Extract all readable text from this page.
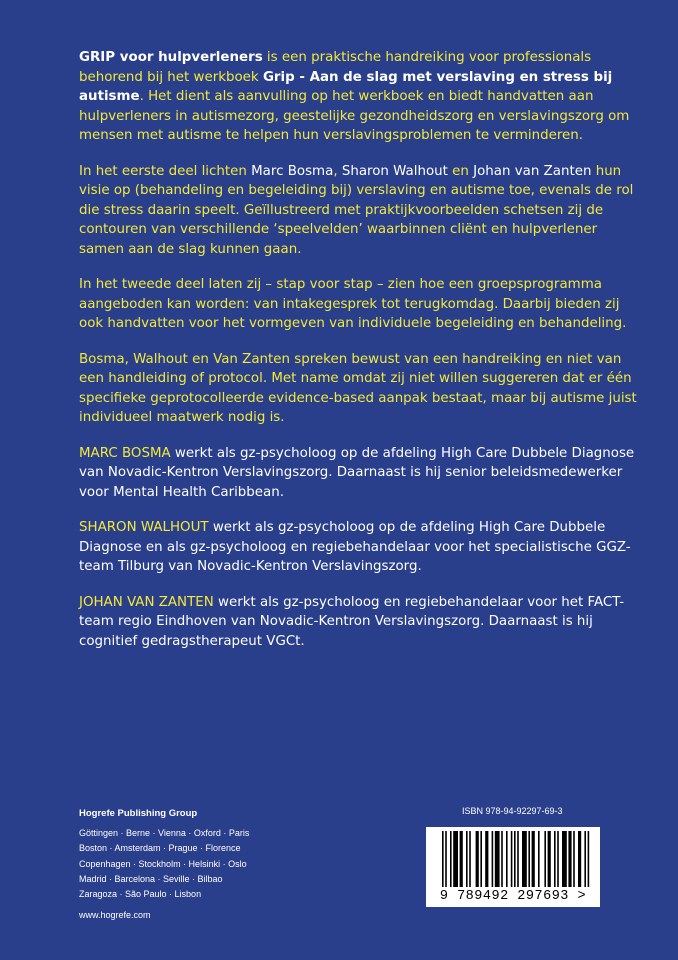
GRIP voor hulpverleners is een praktische handreiking voor professionals behorend bij het werkboek Grip - Aan de slag met verslaving en stress bij autisme. Het dient als aanvulling op het werkboek en biedt handvatten aan hulpverleners in autismezorg, geestelijke gezondheidszorg en verslavingszorg om mensen met autisme te helpen hun verslavingsproblemen te verminderen.

In het eerste deel lichten Marc Bosma, Sharon Walhout en Johan van Zanten hun visie op (behandeling en begeleiding bij) verslaving en autisme toe, evenals de rol die stress daarin speelt. Geïllustreerd met praktijkvoorbeelden schetsen zij de contouren van verschillende ‘speelvelden’ waarbinnen cliënt en hulpverlener samen aan de slag kunnen gaan.

In het tweede deel laten zij – stap voor stap – zien hoe een groepsprogramma aangeboden kan worden: van intakegesprek tot terugkomdag. Daarbij bieden zij ook handvatten voor het vormgeven van individuele begeleiding en behandeling.

Bosma, Walhout en Van Zanten spreken bewust van een handreiking en niet van een handleiding of protocol. Met name omdat zij niet willen suggereren dat er één specifieke geprotocolleerde evidence-based aanpak bestaat, maar bij autisme juist individueel maatwerk nodig is.

MARC BOSMA werkt als gz-psycholoog op de afdeling High Care Dubbele Diagnose van Novadic-Kentron Verslavingszorg. Daarnaast is hij senior beleidsmedewerker voor Mental Health Caribbean.

SHARON WALHOUT werkt als gz-psycholoog op de afdeling High Care Dubbele Diagnose en als gz-psycholoog en regiebehandelaar voor het specialistische GGZ-team Tilburg van Novadic-Kentron Verslavingszorg.

JOHAN VAN ZANTEN werkt als gz-psycholoog en regiebehandelaar voor het FACT-team regio Eindhoven van Novadic-Kentron Verslavingszorg. Daarnaast is hij cognitief gedragstherapeut VGCt.

Hogrefe Publishing Group
Göttingen · Berne · Vienna · Oxford · Paris
Boston · Amsterdam · Prague · Florence
Copenhagen · Stockholm · Helsinki · Oslo
Madrid · Barcelona · Seville · Bilbao
Zaragoza · São Paulo · Lisbon
www.hogrefe.com
ISBN 978-94-92297-69-3
9 789492 297693 >
